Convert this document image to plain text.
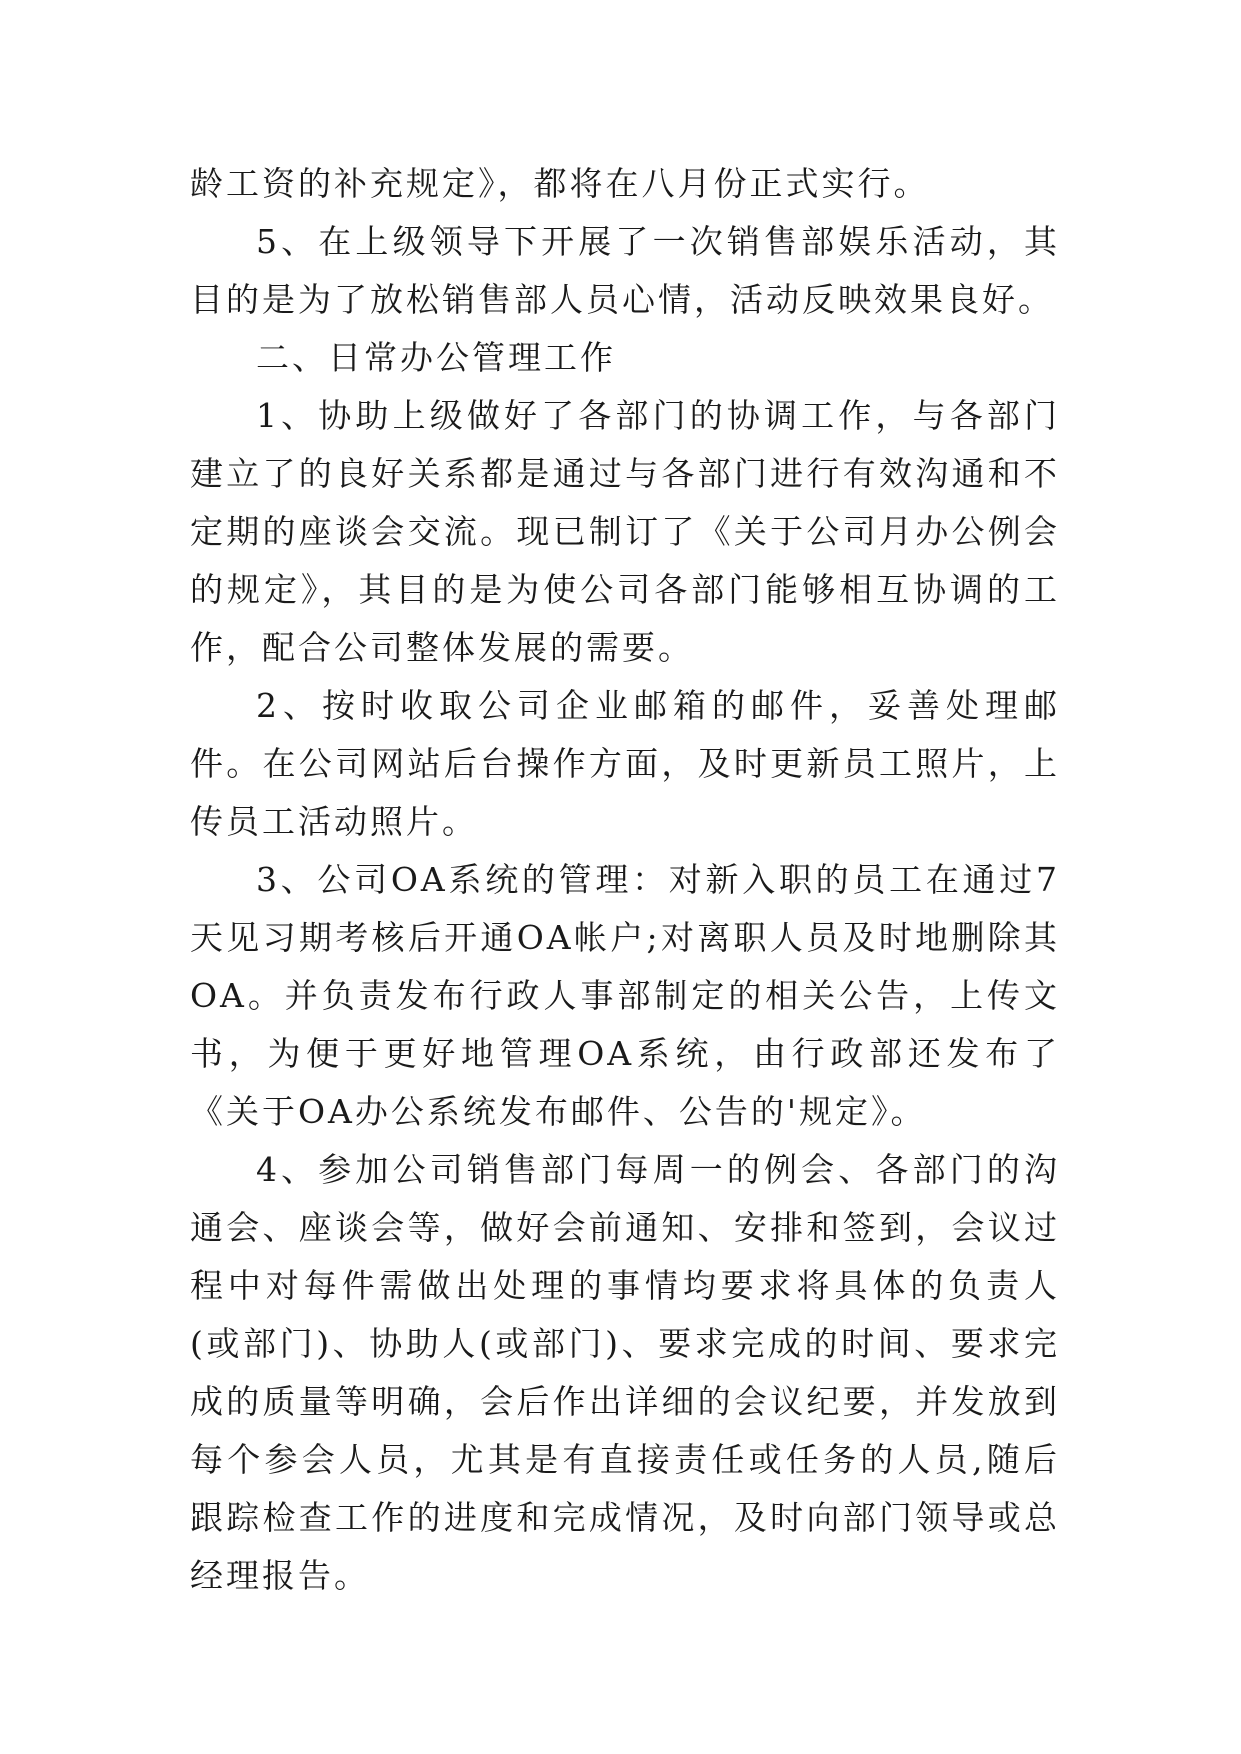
龄工资的补充规定》，都将在八月份正式实行。

5、在上级领导下开展了一次销售部娱乐活动，其目的是为了放松销售部人员心情，活动反映效果良好。

二、日常办公管理工作

1、协助上级做好了各部门的协调工作，与各部门建立了的良好关系都是通过与各部门进行有效沟通和不定期的座谈会交流。现已制订了《关于公司月办公例会的规定》，其目的是为使公司各部门能够相互协调的工作，配合公司整体发展的需要。

2、按时收取公司企业邮箱的邮件，妥善处理邮件。在公司网站后台操作方面，及时更新员工照片，上传员工活动照片。

3、公司OA系统的管理：对新入职的员工在通过7天见习期考核后开通OA帐户;对离职人员及时地删除其OA。并负责发布行政人事部制定的相关公告，上传文书，为便于更好地管理OA系统，由行政部还发布了《关于OA办公系统发布邮件、公告的'规定》。

4、参加公司销售部门每周一的例会、各部门的沟通会、座谈会等，做好会前通知、安排和签到，会议过程中对每件需做出处理的事情均要求将具体的负责人(或部门)、协助人(或部门)、要求完成的时间、要求完成的质量等明确，会后作出详细的会议纪要，并发放到每个参会人员，尤其是有直接责任或任务的人员,随后跟踪检查工作的进度和完成情况，及时向部门领导或总经理报告。
